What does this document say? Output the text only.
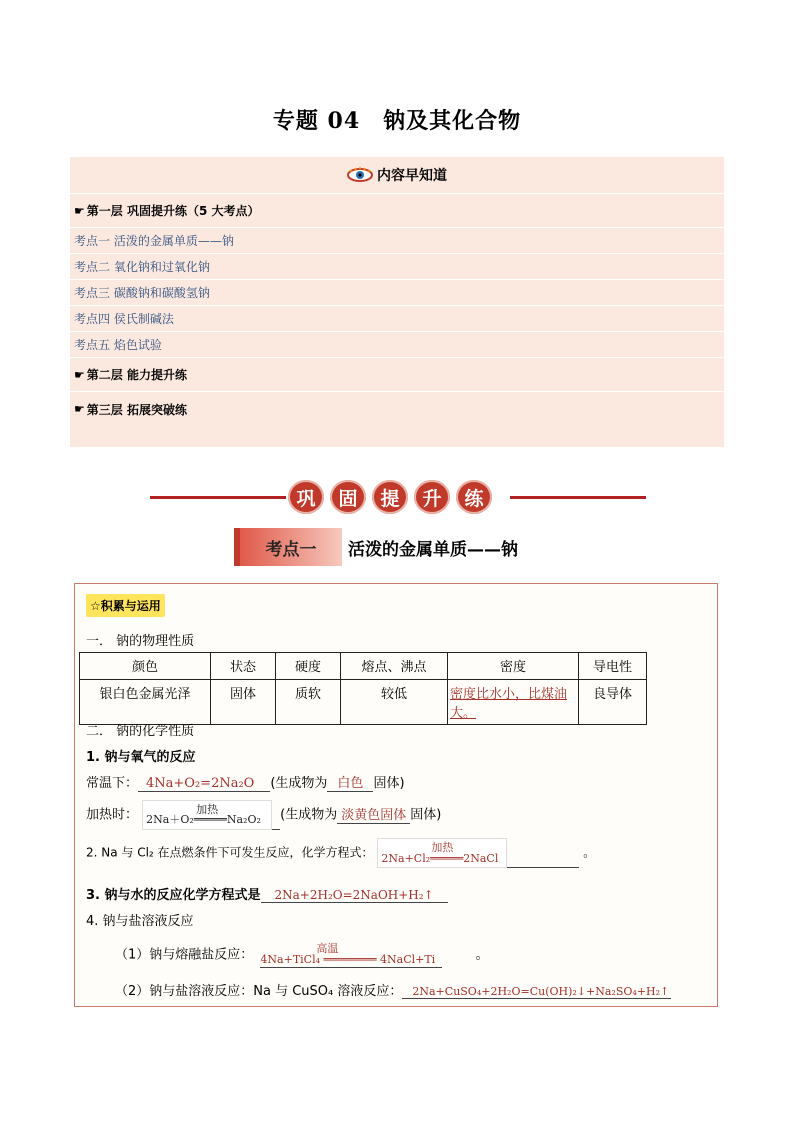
专题 04　钠及其化合物
内容早知道
☛ 第一层 巩固提升练（5 大考点）
考点一 活泼的金属单质——钠
考点二 氧化钠和过氧化钠
考点三 碳酸钠和碳酸氢钠
考点四 侯氏制碱法
考点五 焰色试验
☛ 第二层 能力提升练
☛ 第三层 拓展突破练
巩	固	提	升	练
考点一	活泼的金属单质——钠
☆积累与运用
一． 钠的物理性质
颜色	状态	硬度	熔点、沸点	密度	导电性
银白色金属光泽	固体	质软	较低	密度比水小，比煤油大。	良导体
二． 钠的化学性质
1. 钠与氧气的反应
常温下： 4Na+O₂=2Na₂O (生成物为 白色 固体)
加热时：	加热
2Na＋O₂═════Na₂O₂ (生成物为 淡黄色固体 固体)
2. Na 与 Cl₂ 在点燃条件下可发生反应，化学方程式：	加热
2Na+Cl₂═════2NaCl	。
3. 钠与水的反应化学方程式是 2Na+2H₂O=2NaOH+H₂↑
4. 钠与盐溶液反应
（1）钠与熔融盐反应：	高温
4Na+TiCl₄ ════════ 4NaCl+Ti	。
（2）钠与盐溶液反应：Na 与 CuSO₄ 溶液反应： 2Na+CuSO₄+2H₂O=Cu(OH)₂↓+Na₂SO₄+H₂↑
